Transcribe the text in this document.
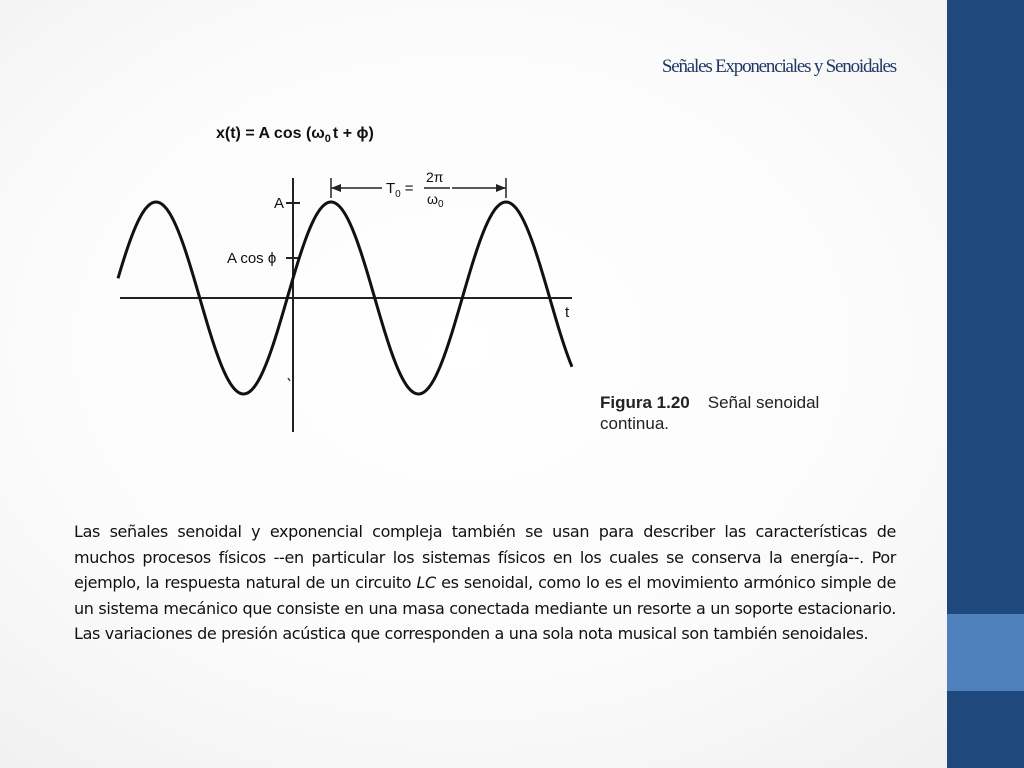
Señales Exponenciales y Senoidales
x(t) = A $\cos (\omega_0$ t + ϕ)
$T_0$ =
2π
$\omega_0$
A
A cos ϕ
t
Figura 1.20 Señal senoidal
continua.

Las señales senoidal y exponencial compleja también se usan para describer las características de muchos procesos físicos --en particular los sistemas físicos en los cuales se conserva la energía--. Por ejemplo, la respuesta natural de un circuito LC es senoidal, como lo es el movimiento armónico simple de un sistema mecánico que consiste en una masa conectada mediante un resorte a un soporte estacionario. Las variaciones de presión acústica que corresponden a una sola nota musical son también senoidales.
